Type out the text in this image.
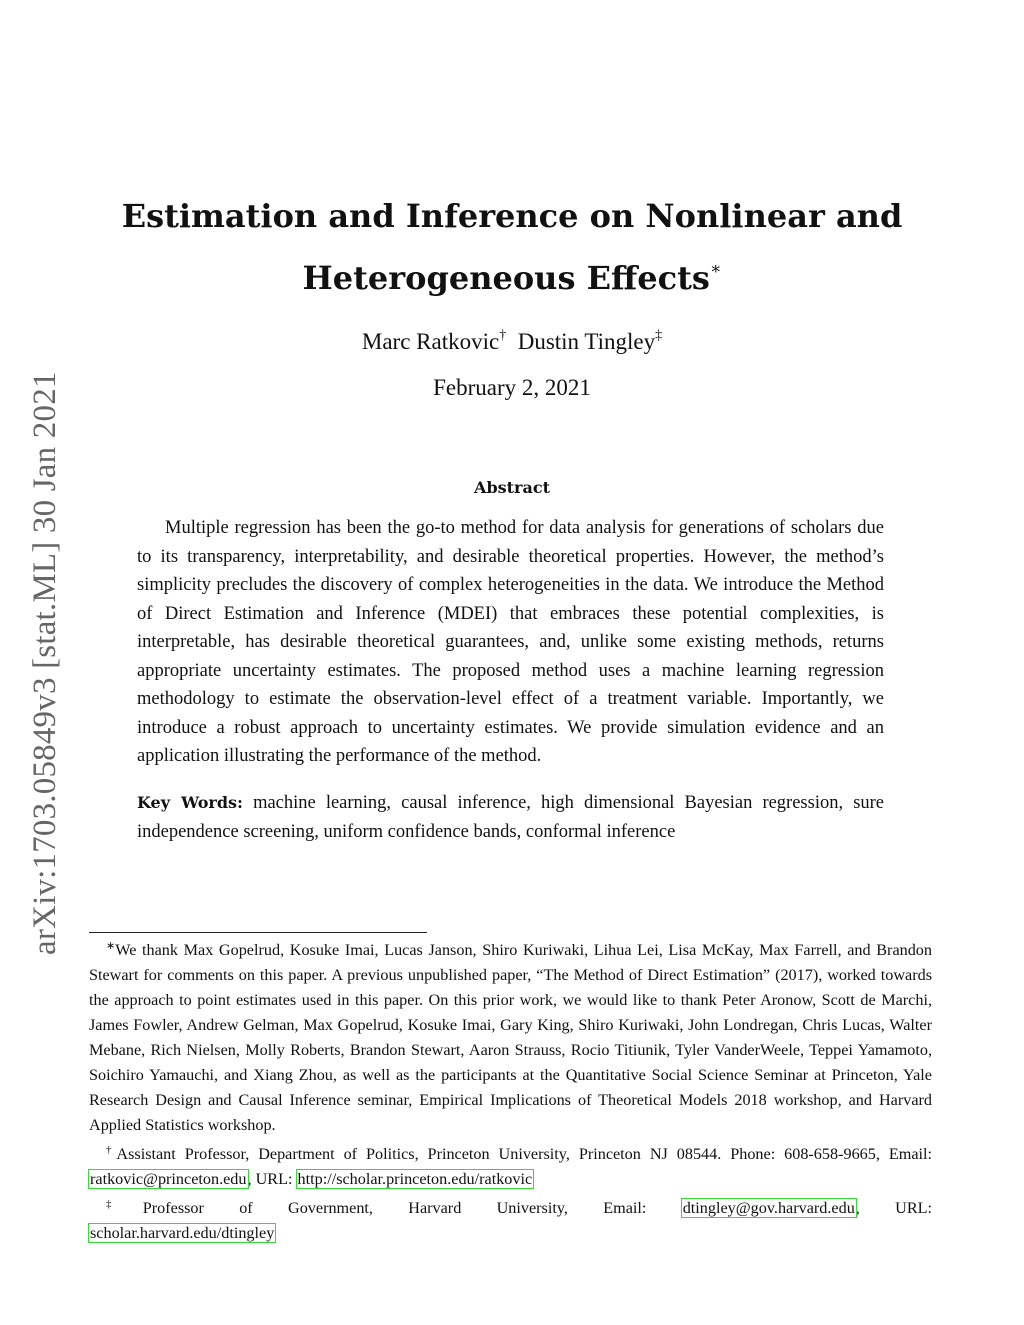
arXiv:1703.05849v3 [stat.ML] 30 Jan 2021
Estimation and Inference on Nonlinear and
Heterogeneous Effects∗
Marc Ratkovic† Dustin Tingley‡
February 2, 2021
Abstract

Multiple regression has been the go-to method for data analysis for generations of scholars due to its transparency, interpretability, and desirable theoretical properties. However, the method’s simplicity precludes the discovery of complex heterogeneities in the data. We introduce the Method of Direct Estimation and Inference (MDEI) that embraces these potential complexities, is interpretable, has desirable theoretical guarantees, and, unlike some existing methods, returns appropriate uncertainty estimates. The proposed method uses a machine learning regression methodology to estimate the observation-level effect of a treatment variable. Importantly, we introduce a robust approach to uncertainty estimates. We provide simulation evidence and an application illustrating the performance of the method.

Key Words: machine learning, causal inference, high dimensional Bayesian regression, sure independence screening, uniform confidence bands, conformal inference

∗We thank Max Gopelrud, Kosuke Imai, Lucas Janson, Shiro Kuriwaki, Lihua Lei, Lisa McKay, Max Farrell, and Brandon Stewart for comments on this paper. A previous unpublished paper, “The Method of Direct Estimation” (2017), worked towards the approach to point estimates used in this paper. On this prior work, we would like to thank Peter Aronow, Scott de Marchi, James Fowler, Andrew Gelman, Max Gopelrud, Kosuke Imai, Gary King, Shiro Kuriwaki, John Londregan, Chris Lucas, Walter Mebane, Rich Nielsen, Molly Roberts, Brandon Stewart, Aaron Strauss, Rocio Titiunik, Tyler VanderWeele, Teppei Yamamoto, Soichiro Yamauchi, and Xiang Zhou, as well as the participants at the Quantitative Social Science Seminar at Princeton, Yale Research Design and Causal Inference seminar, Empirical Implications of Theoretical Models 2018 workshop, and Harvard Applied Statistics workshop.

†Assistant Professor, Department of Politics, Princeton University, Princeton NJ 08544. Phone: 608-658-9665, Email: ratkovic@princeton.edu, URL: http://scholar.princeton.edu/ratkovic

‡Professor of Government, Harvard University, Email: dtingley@gov.harvard.edu, URL:

scholar.harvard.edu/dtingley
